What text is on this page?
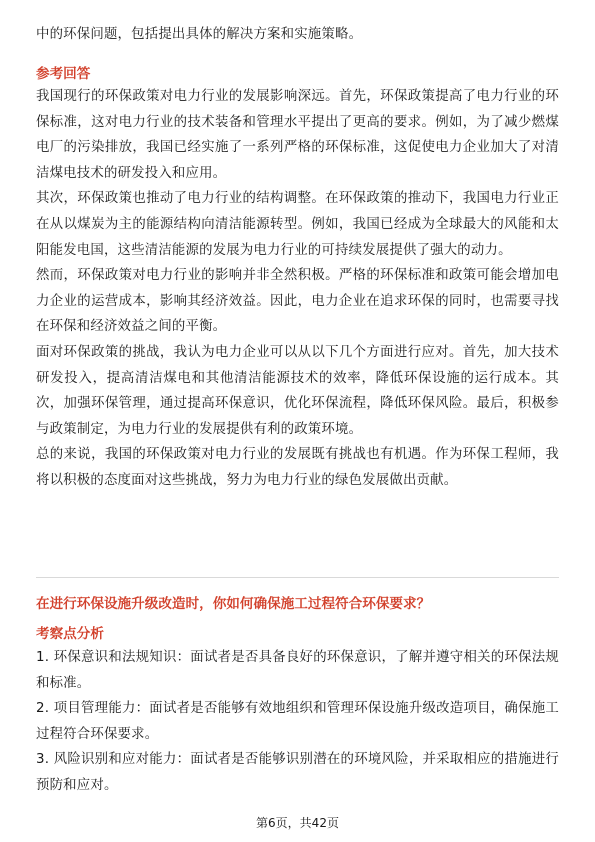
中的环保问题，包括提出具体的解决方案和实施策略。

参考回答

我国现行的环保政策对电力行业的发展影响深远。首先，环保政策提高了电力行业的环保标准，这对电力行业的技术装备和管理水平提出了更高的要求。例如，为了减少燃煤电厂的污染排放，我国已经实施了一系列严格的环保标准，这促使电力企业加大了对清洁煤电技术的研发投入和应用。

其次，环保政策也推动了电力行业的结构调整。在环保政策的推动下，我国电力行业正在从以煤炭为主的能源结构向清洁能源转型。例如，我国已经成为全球最大的风能和太阳能发电国，这些清洁能源的发展为电力行业的可持续发展提供了强大的动力。

然而，环保政策对电力行业的影响并非全然积极。严格的环保标准和政策可能会增加电力企业的运营成本，影响其经济效益。因此，电力企业在追求环保的同时，也需要寻找在环保和经济效益之间的平衡。

面对环保政策的挑战，我认为电力企业可以从以下几个方面进行应对。首先，加大技术研发投入，提高清洁煤电和其他清洁能源技术的效率，降低环保设施的运行成本。其次，加强环保管理，通过提高环保意识，优化环保流程，降低环保风险。最后，积极参与政策制定，为电力行业的发展提供有利的政策环境。

总的来说，我国的环保政策对电力行业的发展既有挑战也有机遇。作为环保工程师，我将以积极的态度面对这些挑战，努力为电力行业的绿色发展做出贡献。

在进行环保设施升级改造时，你如何确保施工过程符合环保要求？
考察点分析

1. 环保意识和法规知识：面试者是否具备良好的环保意识，了解并遵守相关的环保法规和标准。

2. 项目管理能力：面试者是否能够有效地组织和管理环保设施升级改造项目，确保施工过程符合环保要求。

3. 风险识别和应对能力：面试者是否能够识别潜在的环境风险，并采取相应的措施进行预防和应对。

第6页，共42页
